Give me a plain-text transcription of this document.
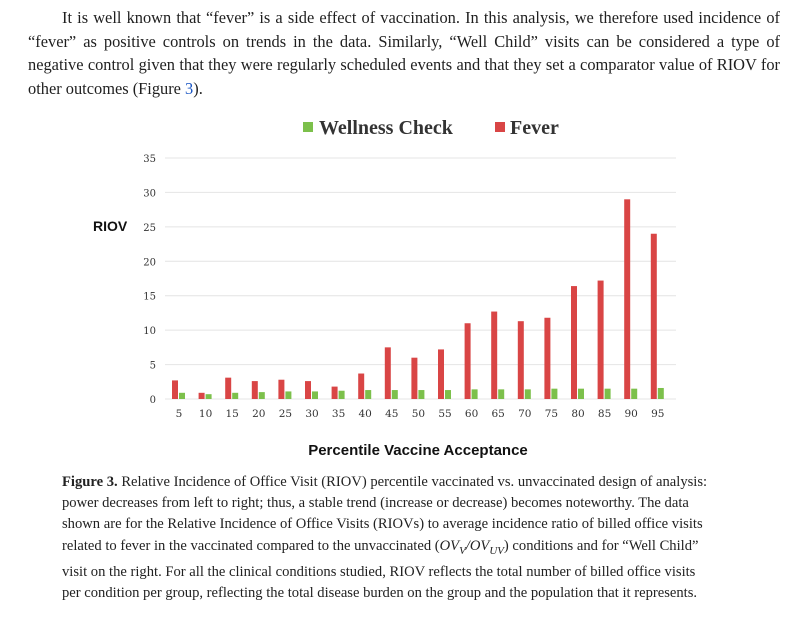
It is well known that “fever” is a side effect of vaccination. In this analysis, we therefore used incidence of “fever” as positive controls on trends in the data. Similarly, “Well Child” visits can be considered a type of negative control given that they were regularly scheduled events and that they set a comparator value of RIOV for other outcomes (Figure 3).

Wellness Check	Fever
0
5
10
15
20
25
30
35
RIOV
5 10 15 20 25 30 35 40 45 50 55 60 65 70 75 80 85 90 95
Percentile Vaccine Acceptance

Figure 3. Relative Incidence of Office Visit (RIOV) percentile vaccinated vs. unvaccinated design of analysis: power decreases from left to right; thus, a stable trend (increase or decrease) becomes noteworthy. The data shown are for the Relative Incidence of Office Visits (RIOVs) to average incidence ratio of billed office visits related to fever in the vaccinated compared to the unvaccinated $(OV_V/OV_{UV})$ conditions and for “Well Child” visit on the right. For all the clinical conditions studied, RIOV reflects the total number of billed office visits per condition per group, reflecting the total disease burden on the group and the population that it represents.
